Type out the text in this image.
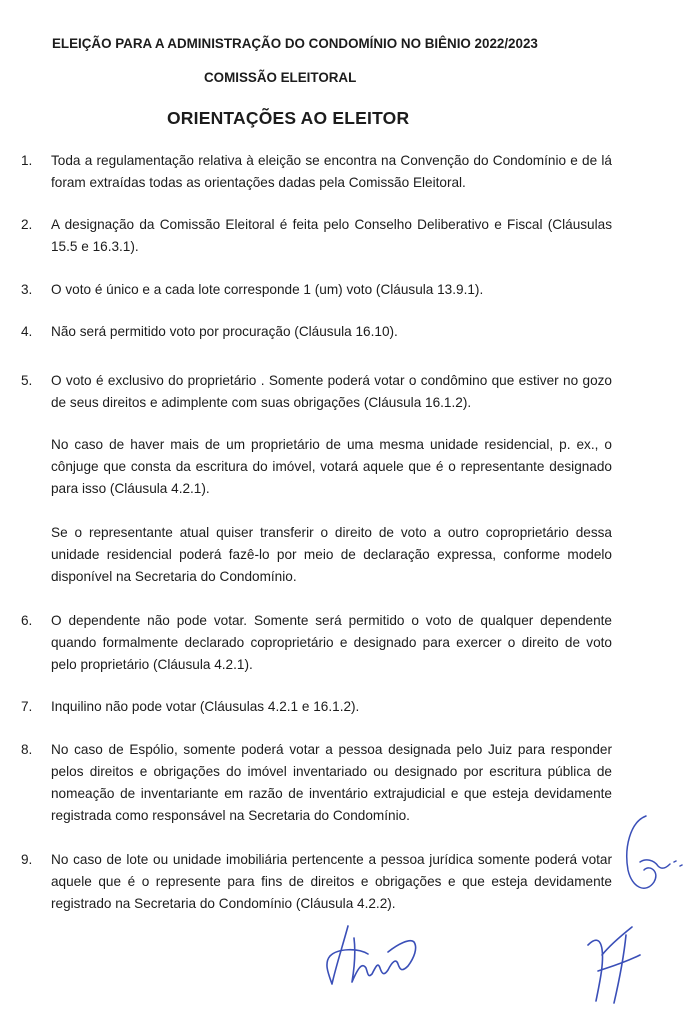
ELEIÇÃO PARA A ADMINISTRAÇÃO DO CONDOMÍNIO NO BIÊNIO 2022/2023
COMISSÃO ELEITORAL
ORIENTAÇÕES AO ELEITOR
1.	Toda a regulamentação relativa à eleição se encontra na Convenção do Condomínio e de lá foram extraídas todas as orientações dadas pela Comissão Eleitoral.
2.	A designação da Comissão Eleitoral é feita pelo Conselho Deliberativo e Fiscal (Cláusulas 15.5 e 16.3.1).
3.	O voto é único e a cada lote corresponde 1 (um) voto (Cláusula 13.9.1).
4.	Não será permitido voto por procuração (Cláusula 16.10).
5.	O voto é exclusivo do proprietário . Somente poderá votar o condômino que estiver no gozo de seus direitos e adimplente com suas obrigações (Cláusula 16.1.2).
No caso de haver mais de um proprietário de uma mesma unidade residencial, p. ex., o cônjuge que consta da escritura do imóvel, votará aquele que é o representante designado para isso (Cláusula 4.2.1).
Se o representante atual quiser transferir o direito de voto a outro coproprietário dessa unidade residencial poderá fazê-lo por meio de declaração expressa, conforme modelo disponível na Secretaria do Condomínio.
6.	O dependente não pode votar. Somente será permitido o voto de qualquer dependente quando formalmente declarado coproprietário e designado para exercer o direito de voto pelo proprietário (Cláusula 4.2.1).
7.	Inquilino não pode votar (Cláusulas 4.2.1 e 16.1.2).
8.	No caso de Espólio, somente poderá votar a pessoa designada pelo Juiz para responder pelos direitos e obrigações do imóvel inventariado ou designado por escritura pública de nomeação de inventariante em razão de inventário extrajudicial e que esteja devidamente registrada como responsável na Secretaria do Condomínio.
9.	No caso de lote ou unidade imobiliária pertencente a pessoa jurídica somente poderá votar aquele que é o represente para fins de direitos e obrigações e que esteja devidamente registrado na Secretaria do Condomínio (Cláusula 4.2.2).
